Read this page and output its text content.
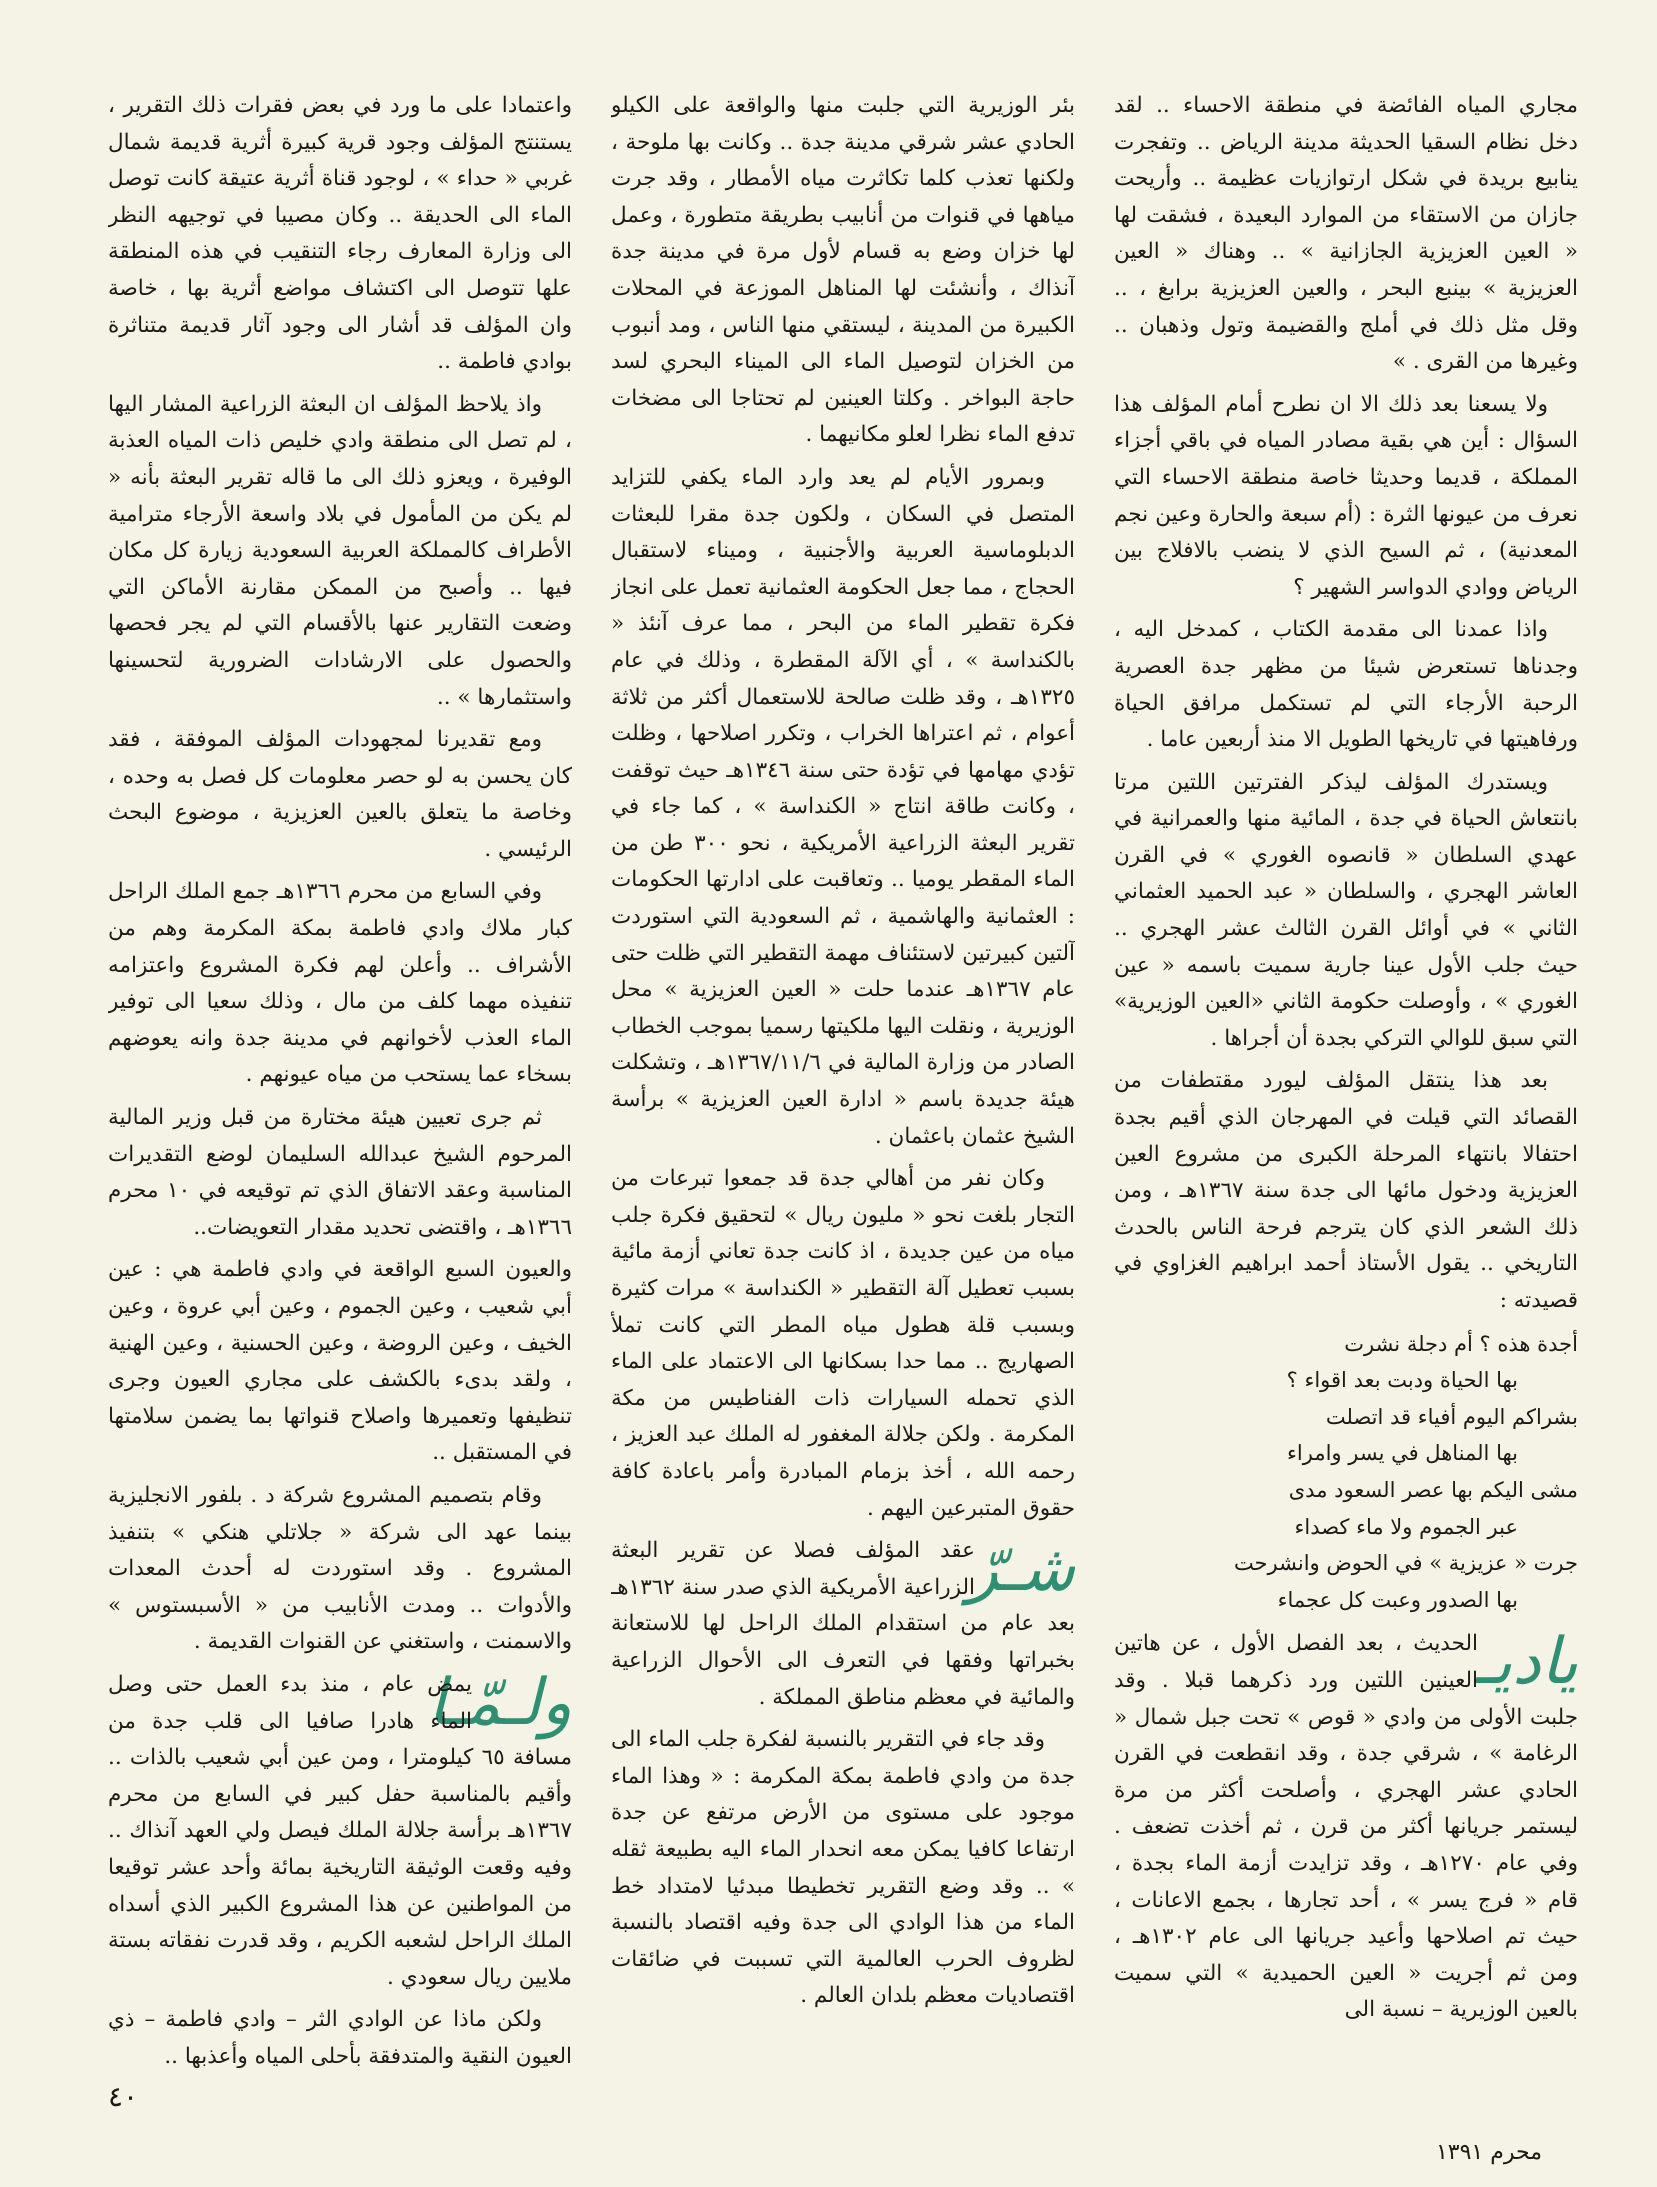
مجاري المياه الفائضة في منطقة الاحساء .. لقد دخل نظام السقيا الحديثة مدينة الرياض .. وتفجرت ينابيع بريدة في شكل ارتوازيات عظيمة .. وأريحت جازان من الاستقاء من الموارد البعيدة ، فشقت لها « العين العزيزية الجازانية » .. وهناك « العين العزيزية » بينبع البحر ، والعين العزيزية برابغ ، .. وقل مثل ذلك في أملج والقضيمة وتول وذهبان .. وغيرها من القرى . »

ولا يسعنا بعد ذلك الا ان نطرح أمام المؤلف هذا السؤال : أين هي بقية مصادر المياه في باقي أجزاء المملكة ، قديما وحديثا خاصة منطقة الاحساء التي نعرف من عيونها الثرة : (أم سبعة والحارة وعين نجم المعدنية) ، ثم السيح الذي لا ينضب بالافلاج بين الرياض ووادي الدواسر الشهير ؟

واذا عمدنا الى مقدمة الكتاب ، كمدخل اليه ، وجدناها تستعرض شيئا من مظهر جدة العصرية الرحبة الأرجاء التي لم تستكمل مرافق الحياة ورفاهيتها في تاريخها الطويل الا منذ أربعين عاما .

ويستدرك المؤلف ليذكر الفترتين اللتين مرتا بانتعاش الحياة في جدة ، المائية منها والعمرانية في عهدي السلطان « قانصوه الغوري » في القرن العاشر الهجري ، والسلطان « عبد الحميد العثماني الثاني » في أوائل القرن الثالث عشر الهجري .. حيث جلب الأول عينا جارية سميت باسمه « عين الغوري » ، وأوصلت حكومة الثاني «العين الوزيرية» التي سبق للوالي التركي بجدة أن أجراها .

بعد هذا ينتقل المؤلف ليورد مقتطفات من القصائد التي قيلت في المهرجان الذي أقيم بجدة احتفالا بانتهاء المرحلة الكبرى من مشروع العين العزيزية ودخول مائها الى جدة سنة ١٣٦٧هـ ، ومن ذلك الشعر الذي كان يترجم فرحة الناس بالحدث التاريخي .. يقول الأستاذ أحمد ابراهيم الغزاوي في قصيدته :

أجدة هذه ؟ أم دجلة نشرت
بها الحياة ودبت بعد اقواء ؟
بشراكم اليوم أفياء قد اتصلت
بها المناهل في يسر وامراء
مشى اليكم بها عصر السعود مدى
عبر الجموم ولا ماء كصداء
جرت « عزيزية » في الحوض وانشرحت
بها الصدور وعبت كل عجماء
ياديـ

الحديث ، بعد الفصل الأول ، عن هاتين العينين اللتين ورد ذكرهما قبلا . وقد جلبت الأولى من وادي « قوص » تحت جبل شمال « الرغامة » ، شرقي جدة ، وقد انقطعت في القرن الحادي عشر الهجري ، وأصلحت أكثر من مرة ليستمر جريانها أكثر من قرن ، ثم أخذت تضعف . وفي عام ١٢٧٠هـ ، وقد تزايدت أزمة الماء بجدة ، قام « فرج يسر » ، أحد تجارها ، بجمع الاعانات ، حيث تم اصلاحها وأعيد جريانها الى عام ١٣٠٢هـ ، ومن ثم أجريت « العين الحميدية » التي سميت بالعين الوزيرية – نسبة الى

بئر الوزيرية التي جلبت منها والواقعة على الكيلو الحادي عشر شرقي مدينة جدة .. وكانت بها ملوحة ، ولكنها تعذب كلما تكاثرت مياه الأمطار ، وقد جرت مياهها في قنوات من أنابيب بطريقة متطورة ، وعمل لها خزان وضع به قسام لأول مرة في مدينة جدة آنذاك ، وأنشئت لها المناهل الموزعة في المحلات الكبيرة من المدينة ، ليستقي منها الناس ، ومد أنبوب من الخزان لتوصيل الماء الى الميناء البحري لسد حاجة البواخر . وكلتا العينين لم تحتاجا الى مضخات تدفع الماء نظرا لعلو مكانيهما .

وبمرور الأيام لم يعد وارد الماء يكفي للتزايد المتصل في السكان ، ولكون جدة مقرا للبعثات الدبلوماسية العربية والأجنبية ، وميناء لاستقبال الحجاج ، مما جعل الحكومة العثمانية تعمل على انجاز فكرة تقطير الماء من البحر ، مما عرف آنئذ « بالكنداسة » ، أي الآلة المقطرة ، وذلك في عام ١٣٢٥هـ ، وقد ظلت صالحة للاستعمال أكثر من ثلاثة أعوام ، ثم اعتراها الخراب ، وتكرر اصلاحها ، وظلت تؤدي مهامها في تؤدة حتى سنة ١٣٤٦هـ حيث توقفت ، وكانت طاقة انتاج « الكنداسة » ، كما جاء في تقرير البعثة الزراعية الأمريكية ، نحو ٣٠٠ طن من الماء المقطر يوميا .. وتعاقبت على ادارتها الحكومات : العثمانية والهاشمية ، ثم السعودية التي استوردت آلتين كبيرتين لاستئناف مهمة التقطير التي ظلت حتى عام ١٣٦٧هـ عندما حلت « العين العزيزية » محل الوزيرية ، ونقلت اليها ملكيتها رسميا بموجب الخطاب الصادر من وزارة المالية في ١٣٦٧/١١/٦هـ ، وتشكلت هيئة جديدة باسم « ادارة العين العزيزية » برأسة الشيخ عثمان باعثمان .

وكان نفر من أهالي جدة قد جمعوا تبرعات من التجار بلغت نحو « مليون ريال » لتحقيق فكرة جلب مياه من عين جديدة ، اذ كانت جدة تعاني أزمة مائية بسبب تعطيل آلة التقطير « الكنداسة » مرات كثيرة وبسبب قلة هطول مياه المطر التي كانت تملأ الصهاريج .. مما حدا بسكانها الى الاعتماد على الماء الذي تحمله السيارات ذات الفناطيس من مكة المكرمة . ولكن جلالة المغفور له الملك عبد العزيز ، رحمه الله ، أخذ بزمام المبادرة وأمر باعادة كافة حقوق المتبرعين اليهم .

شـرّ

عقد المؤلف فصلا عن تقرير البعثة الزراعية الأمريكية الذي صدر سنة ١٣٦٢هـ بعد عام من استقدام الملك الراحل لها للاستعانة بخبراتها وفقها في التعرف الى الأحوال الزراعية والمائية في معظم مناطق المملكة .

وقد جاء في التقرير بالنسبة لفكرة جلب الماء الى جدة من وادي فاطمة بمكة المكرمة : « وهذا الماء موجود على مستوى من الأرض مرتفع عن جدة ارتفاعا كافيا يمكن معه انحدار الماء اليه بطبيعة ثقله » .. وقد وضع التقرير تخطيطا مبدئيا لامتداد خط الماء من هذا الوادي الى جدة وفيه اقتصاد بالنسبة لظروف الحرب العالمية التي تسببت في ضائقات اقتصاديات معظم بلدان العالم .

واعتمادا على ما ورد في بعض فقرات ذلك التقرير ، يستنتج المؤلف وجود قرية كبيرة أثرية قديمة شمال غربي « حداء » ، لوجود قناة أثرية عتيقة كانت توصل الماء الى الحديقة .. وكان مصيبا في توجيهه النظر الى وزارة المعارف رجاء التنقيب في هذه المنطقة علها تتوصل الى اكتشاف مواضع أثرية بها ، خاصة وان المؤلف قد أشار الى وجود آثار قديمة متناثرة بوادي فاطمة ..

واذ يلاحظ المؤلف ان البعثة الزراعية المشار اليها ، لم تصل الى منطقة وادي خليص ذات المياه العذبة الوفيرة ، ويعزو ذلك الى ما قاله تقرير البعثة بأنه « لم يكن من المأمول في بلاد واسعة الأرجاء مترامية الأطراف كالمملكة العربية السعودية زيارة كل مكان فيها .. وأصبح من الممكن مقارنة الأماكن التي وضعت التقارير عنها بالأقسام التي لم يجر فحصها والحصول على الارشادات الضرورية لتحسينها واستثمارها » ..

ومع تقديرنا لمجهودات المؤلف الموفقة ، فقد كان يحسن به لو حصر معلومات كل فصل به وحده ، وخاصة ما يتعلق بالعين العزيزية ، موضوع البحث الرئيسي .

وفي السابع من محرم ١٣٦٦هـ جمع الملك الراحل كبار ملاك وادي فاطمة بمكة المكرمة وهم من الأشراف .. وأعلن لهم فكرة المشروع واعتزامه تنفيذه مهما كلف من مال ، وذلك سعيا الى توفير الماء العذب لأخوانهم في مدينة جدة وانه يعوضهم بسخاء عما يستحب من مياه عيونهم .

ثم جرى تعيين هيئة مختارة من قبل وزير المالية المرحوم الشيخ عبدالله السليمان لوضع التقديرات المناسبة وعقد الاتفاق الذي تم توقيعه في ١٠ محرم ١٣٦٦هـ ، واقتضى تحديد مقدار التعويضات..

والعيون السبع الواقعة في وادي فاطمة هي : عين أبي شعيب ، وعين الجموم ، وعين أبي عروة ، وعين الخيف ، وعين الروضة ، وعين الحسنية ، وعين الهنية ، ولقد بدىء بالكشف على مجاري العيون وجرى تنظيفها وتعميرها واصلاح قنواتها بما يضمن سلامتها في المستقبل ..

وقام بتصميم المشروع شركة د . بلفور الانجليزية بينما عهد الى شركة « جلاتلي هنكي » بتنفيذ المشروع . وقد استوردت له أحدث المعدات والأدوات .. ومدت الأنابيب من « الأسبستوس » والاسمنت ، واستغني عن القنوات القديمة .

ولـمّـا

يمض عام ، منذ بدء العمل حتى وصل الماء هادرا صافيا الى قلب جدة من مسافة ٦٥ كيلومترا ، ومن عين أبي شعيب بالذات .. وأقيم بالمناسبة حفل كبير في السابع من محرم ١٣٦٧هـ برأسة جلالة الملك فيصل ولي العهد آنذاك .. وفيه وقعت الوثيقة التاريخية بمائة وأحد عشر توقيعا من المواطنين عن هذا المشروع الكبير الذي أسداه الملك الراحل لشعبه الكريم ، وقد قدرت نفقاته بستة ملايين ريال سعودي .

ولكن ماذا عن الوادي الثر – وادي فاطمة – ذي العيون النقية والمتدفقة بأحلى المياه وأعذبها ..

٤٠
محرم ١٣٩١
